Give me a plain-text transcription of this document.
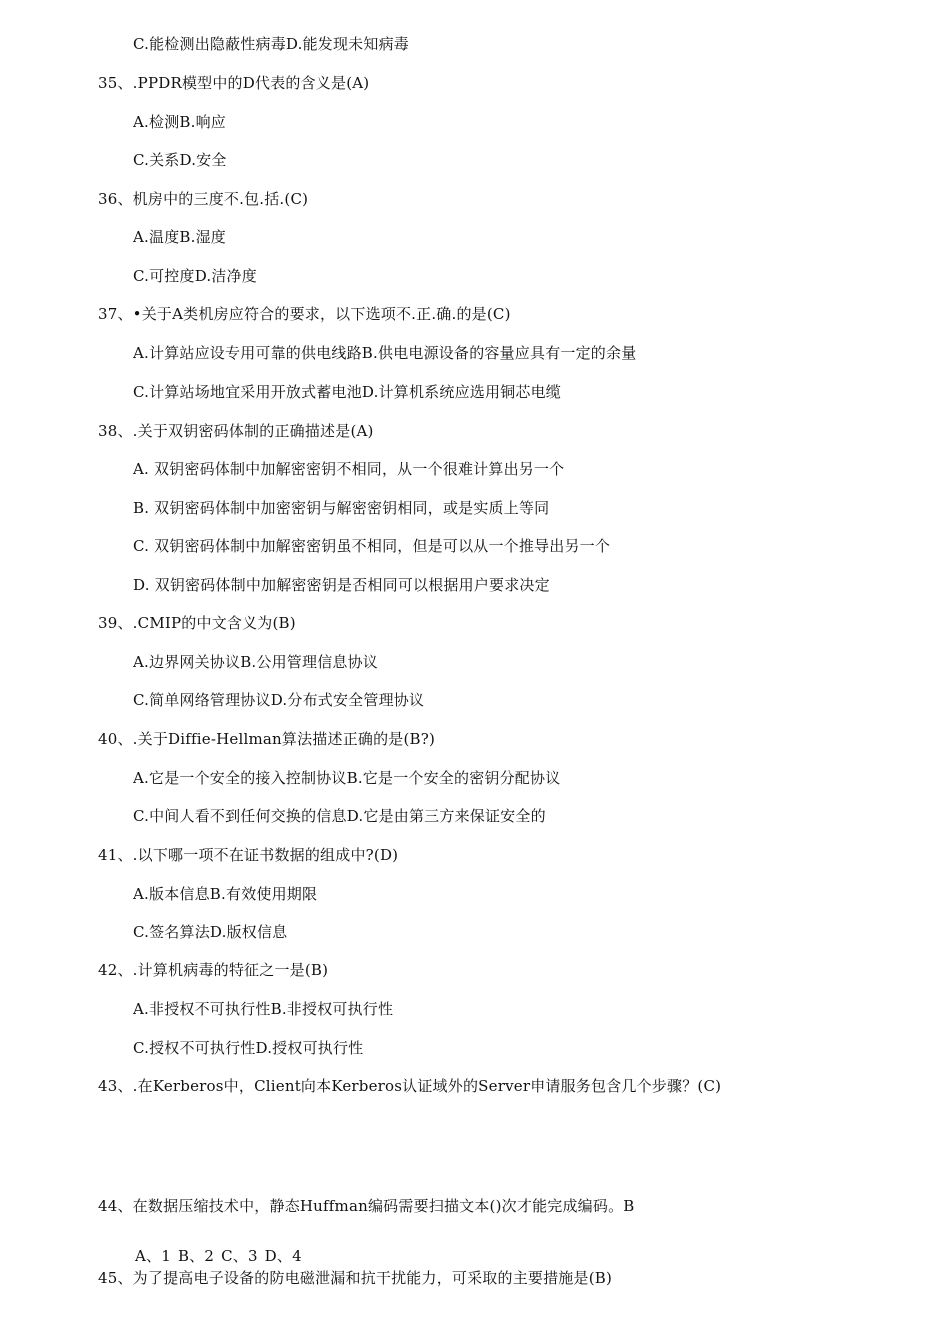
C.能检测出隐蔽性病毒D.能发现未知病毒
35、.PPDR模型中的D代表的含义是(A)
A.检测B.响应
C.关系D.安全
36、机房中的三度不.包.括.(C)
A.温度B.湿度
C.可控度D.洁净度
37、•关于A类机房应符合的要求，以下选项不.正.确.的是(C)
A.计算站应设专用可靠的供电线路B.供电电源设备的容量应具有一定的余量
C.计算站场地宜采用开放式蓄电池D.计算机系统应选用铜芯电缆
38、.关于双钥密码体制的正确描述是(A)
A. 双钥密码体制中加解密密钥不相同，从一个很难计算出另一个
B. 双钥密码体制中加密密钥与解密密钥相同，或是实质上等同
C. 双钥密码体制中加解密密钥虽不相同，但是可以从一个推导出另一个
D. 双钥密码体制中加解密密钥是否相同可以根据用户要求决定
39、.CMIP的中文含义为(B)
A.边界网关协议B.公用管理信息协议
C.简单网络管理协议D.分布式安全管理协议
40、.关于Diffie-Hellman算法描述正确的是(B?)
A.它是一个安全的接入控制协议B.它是一个安全的密钥分配协议
C.中间人看不到任何交换的信息D.它是由第三方来保证安全的
41、.以下哪一项不在证书数据的组成中?(D)
A.版本信息B.有效使用期限
C.签名算法D.版权信息
42、.计算机病毒的特征之一是(B)
A.非授权不可执行性B.非授权可执行性
C.授权不可执行性D.授权可执行性
43、.在Kerberos中，Client向本Kerberos认证域外的Server申请服务包含几个步骤？(C)
44、在数据压缩技术中，静态Huffman编码需要扫描文本()次才能完成编码。B
A、1 B、2 C、3 D、4
45、为了提高电子设备的防电磁泄漏和抗干扰能力，可采取的主要措施是(B)
